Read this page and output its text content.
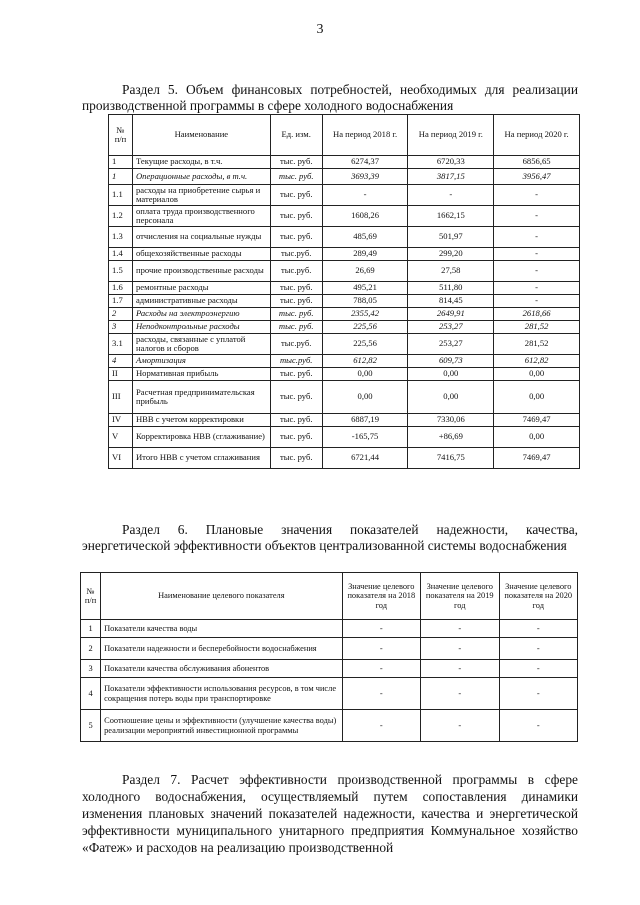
3
Раздел 5. Объем финансовых потребностей, необходимых для реализации производственной программы в сфере холодного водоснабжения
№ п/п	Наименование	Ед. изм.	На период 2018 г.	На период 2019 г.	На период 2020 г.
1	Текущие расходы, в т.ч.	тыс. руб.	6274,37	6720,33	6856,65
1	Операционные расходы, в т.ч.	тыс. руб.	3693,39	3817,15	3956,47
1.1	расходы на приобретение сырья и материалов	тыс. руб.	-	-	-
1.2	оплата труда производственного персонала	тыс. руб.	1608,26	1662,15	-
1.3	отчисления на социальные нужды	тыс. руб.	485,69	501,97	-
1.4	общехозяйственные расходы	тыс.руб.	289,49	299,20	-
1.5	прочие производственные расходы	тыс.руб.	26,69	27,58	-
1.6	ремонтные расходы	тыс. руб.	495,21	511,80	-
1.7	административные расходы	тыс. руб.	788,05	814,45	-
2	Расходы на электроэнергию	тыс. руб.	2355,42	2649,91	2618,66
3	Неподконтрольные расходы	тыс. руб.	225,56	253,27	281,52
3.1	расходы, связанные с уплатой налогов и сборов	тыс.руб.	225,56	253,27	281,52
4	Амортизация	тыс.руб.	612,82	609,73	612,82
II	Нормативная прибыль	тыс. руб.	0,00	0,00	0,00
III	Расчетная предпринимательская прибыль	тыс. руб.	0,00	0,00	0,00
IV	НВВ с учетом корректировки	тыс. руб.	6887,19	7330,06	7469,47
V	Корректировка НВВ (сглаживание)	тыс. руб.	-165,75	+86,69	0,00
VI	Итого НВВ с учетом сглаживания	тыс. руб.	6721,44	7416,75	7469,47
Раздел 6. Плановые значения показателей надежности, качества, энергетической эффективности объектов централизованной системы водоснабжения
№ п/п	Наименование целевого показателя	Значение целевого показателя на 2018 год	Значение целевого показателя на 2019 год	Значение целевого показателя на 2020 год
1	Показатели качества воды	-	-	-
2	Показатели надежности и бесперебойности водоснабжения	-	-	-
3	Показатели качества обслуживания абонентов	-	-	-
4	Показатели эффективности использования ресурсов, в том числе сокращения потерь воды при транспортировке	-	-	-
5	Соотношение цены и эффективности (улучшение качества воды) реализации мероприятий инвестиционной программы	-	-	-
Раздел 7. Расчет эффективности производственной программы в сфере холодного водоснабжения, осуществляемый путем сопоставления динамики изменения плановых значений показателей надежности, качества и энергетической эффективности муниципального унитарного предприятия Коммунальное хозяйство «Фатеж» и расходов на реализацию производственной
